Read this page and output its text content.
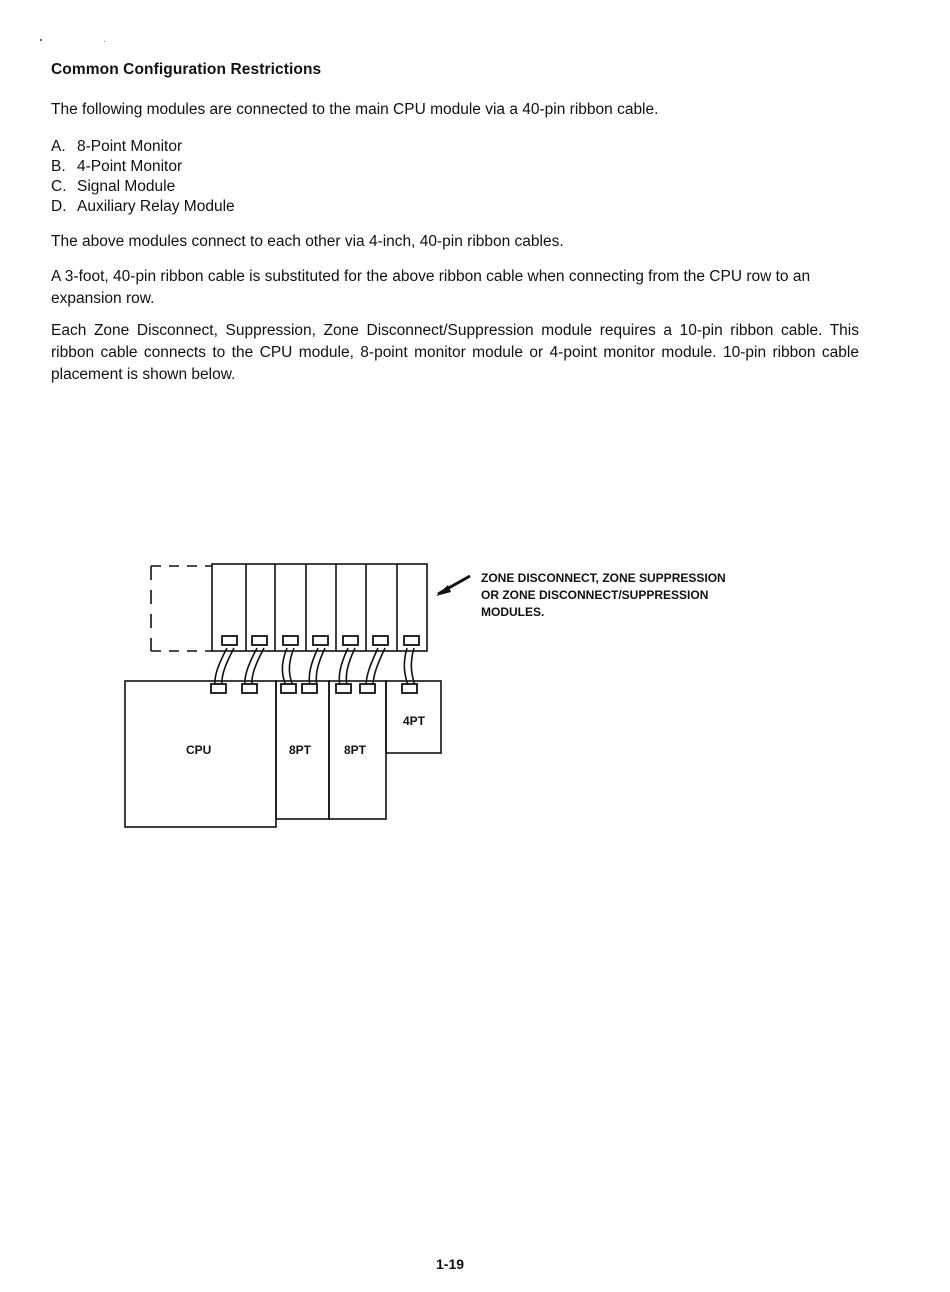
Common Configuration Restrictions

The following modules are connected to the main CPU module via a 40-pin ribbon cable.

A. 8-Point Monitor
B. 4-Point Monitor
C. Signal Module
D. Auxiliary Relay Module

The above modules connect to each other via 4-inch, 40-pin ribbon cables.

A 3-foot, 40-pin ribbon cable is substituted for the above ribbon cable when connecting from the CPU row to an expansion row.

Each Zone Disconnect, Suppression, Zone Disconnect/Suppression module requires a 10-pin ribbon cable. This ribbon cable connects to the CPU module, 8-point monitor module or 4-point monitor module. 10-pin ribbon cable placement is shown below.

CPU	8PT	8PT
4PT
ZONE DISCONNECT, ZONE SUPPRESSION
OR ZONE DISCONNECT/SUPPRESSION
MODULES.
1-19
